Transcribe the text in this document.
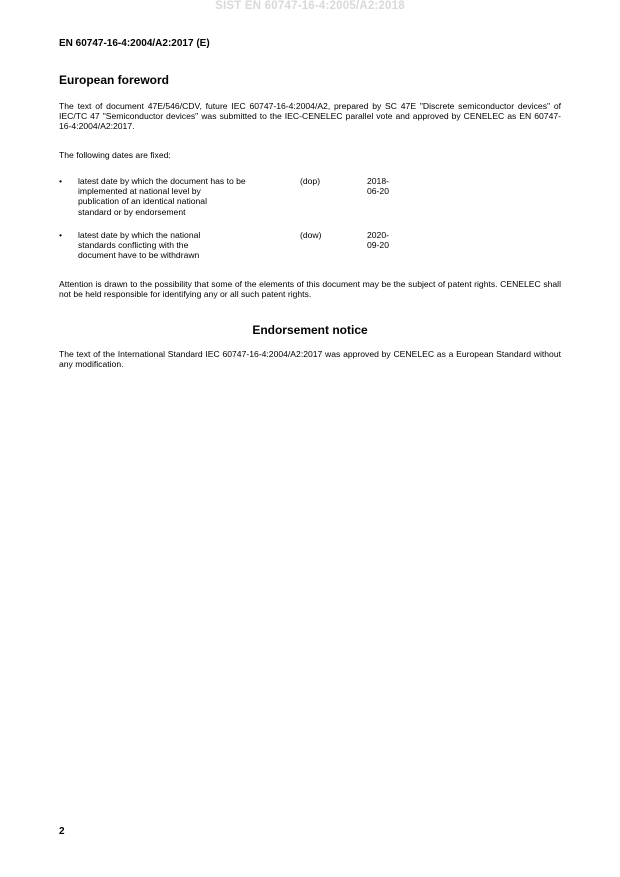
SIST EN 60747-16-4:2005/A2:2018
EN 60747-16-4:2004/A2:2017 (E)
European foreword
The text of document 47E/546/CDV, future IEC 60747-16-4:2004/A2, prepared by SC 47E "Discrete semiconductor devices" of IEC/TC 47 "Semiconductor devices" was submitted to the IEC-CENELEC parallel vote and approved by CENELEC as EN 60747-16-4:2004/A2:2017.
The following dates are fixed:
• latest date by which the document has to be
implemented at national level by
publication of an identical national
standard or by endorsement
(dop)	2018-06-20
• latest date by which the national
standards conflicting with the
document have to be withdrawn
(dow)	2020-09-20
Attention is drawn to the possibility that some of the elements of this document may be the subject of patent rights. CENELEC shall not be held responsible for identifying any or all such patent rights.
Endorsement notice
The text of the International Standard IEC 60747-16-4:2004/A2:2017 was approved by CENELEC as a European Standard without any modification.
2
